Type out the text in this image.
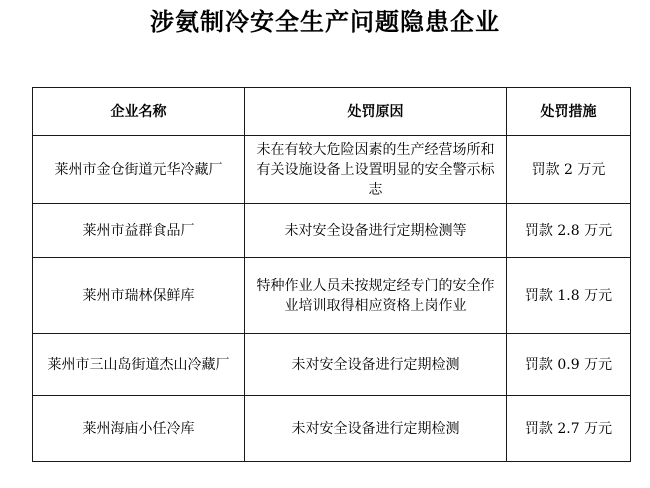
涉氨制冷安全生产问题隐患企业
企业名称	处罚原因	处罚措施
莱州市金仓街道元华冷藏厂	未在有较大危险因素的生产经营场所和有关设施设备上设置明显的安全警示标志	罚款 2 万元
莱州市益群食品厂	未对安全设备进行定期检测等	罚款 2.8 万元
莱州市瑞林保鲜库	特种作业人员未按规定经专门的安全作业培训取得相应资格上岗作业	罚款 1.8 万元
莱州市三山岛街道杰山冷藏厂	未对安全设备进行定期检测	罚款 0.9 万元
莱州海庙小任冷库	未对安全设备进行定期检测	罚款 2.7 万元
